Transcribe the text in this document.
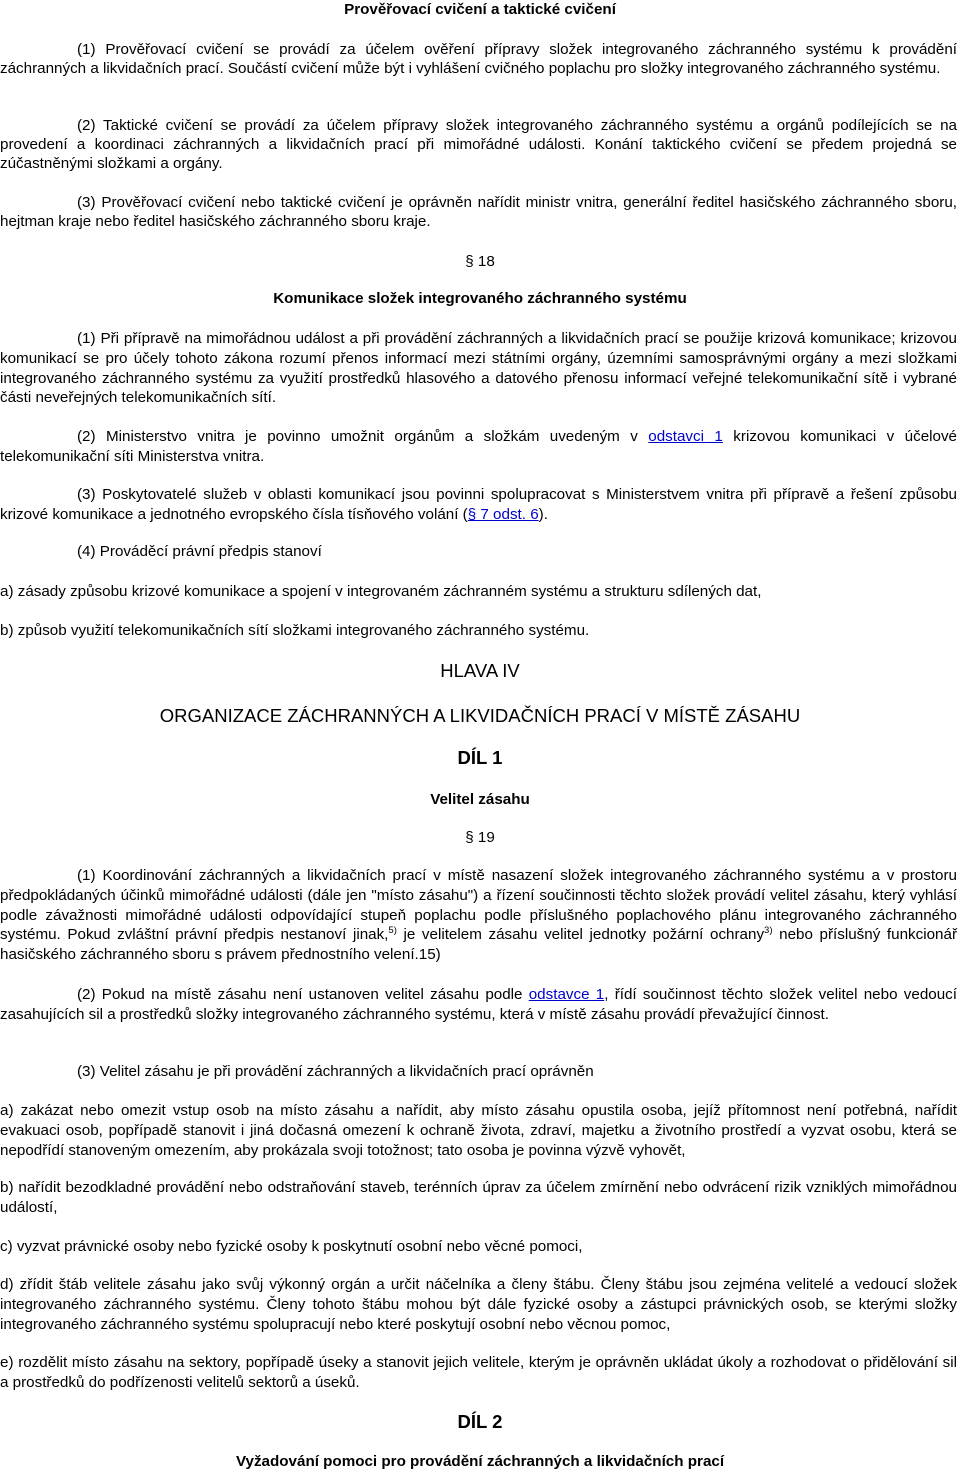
Prověřovací cvičení a taktické cvičení

(1) Prověřovací cvičení se provádí za účelem ověření přípravy složek integrovaného záchranného systému k provádění záchranných a likvidačních prací. Součástí cvičení může být i vyhlášení cvičného poplachu pro složky integrovaného záchranného systému.

(2) Taktické cvičení se provádí za účelem přípravy složek integrovaného záchranného systému a orgánů podílejících se na provedení a koordinaci záchranných a likvidačních prací při mimořádné události. Konání taktického cvičení se předem projedná se zúčastněnými složkami a orgány.

(3) Prověřovací cvičení nebo taktické cvičení je oprávněn nařídit ministr vnitra, generální ředitel hasičského záchranného sboru, hejtman kraje nebo ředitel hasičského záchranného sboru kraje.

§ 18
Komunikace složek integrovaného záchranného systému

(1) Při přípravě na mimořádnou událost a při provádění záchranných a likvidačních prací se použije krizová komunikace; krizovou komunikací se pro účely tohoto zákona rozumí přenos informací mezi státními orgány, územními samosprávnými orgány a mezi složkami integrovaného záchranného systému za využití prostředků hlasového a datového přenosu informací veřejné telekomunikační sítě i vybrané části neveřejných telekomunikačních sítí.

(2) Ministerstvo vnitra je povinno umožnit orgánům a složkám uvedeným v odstavci 1 krizovou komunikaci v účelové telekomunikační síti Ministerstva vnitra.

(3) Poskytovatelé služeb v oblasti komunikací jsou povinni spolupracovat s Ministerstvem vnitra při přípravě a řešení způsobu krizové komunikace a jednotného evropského čísla tísňového volání (§ 7 odst. 6).

(4) Prováděcí právní předpis stanoví

a) zásady způsobu krizové komunikace a spojení v integrovaném záchranném systému a strukturu sdílených dat,

b) způsob využití telekomunikačních sítí složkami integrovaného záchranného systému.

HLAVA IV
ORGANIZACE ZÁCHRANNÝCH A LIKVIDAČNÍCH PRACÍ V MÍSTĚ ZÁSAHU
DÍL 1
Velitel zásahu
§ 19

(1) Koordinování záchranných a likvidačních prací v místě nasazení složek integrovaného záchranného systému a v prostoru předpokládaných účinků mimořádné události (dále jen "místo zásahu") a řízení součinnosti těchto složek provádí velitel zásahu, který vyhlásí podle závažnosti mimořádné události odpovídající stupeň poplachu podle příslušného poplachového plánu integrovaného záchranného systému. Pokud zvláštní právní předpis nestanoví jinak,$^{5)}$ je velitelem zásahu velitel jednotky požární ochrany$^{3)}$ nebo příslušný funkcionář hasičského záchranného sboru s právem přednostního velení.15)

(2) Pokud na místě zásahu není ustanoven velitel zásahu podle odstavce 1, řídí součinnost těchto složek velitel nebo vedoucí zasahujících sil a prostředků složky integrovaného záchranného systému, která v místě zásahu provádí převažující činnost.

(3) Velitel zásahu je při provádění záchranných a likvidačních prací oprávněn

a) zakázat nebo omezit vstup osob na místo zásahu a nařídit, aby místo zásahu opustila osoba, jejíž přítomnost není potřebná, nařídit evakuaci osob, popřípadě stanovit i jiná dočasná omezení k ochraně života, zdraví, majetku a životního prostředí a vyzvat osobu, která se nepodřídí stanoveným omezením, aby prokázala svoji totožnost; tato osoba je povinna výzvě vyhovět,

b) nařídit bezodkladné provádění nebo odstraňování staveb, terénních úprav za účelem zmírnění nebo odvrácení rizik vzniklých mimořádnou událostí,

c) vyzvat právnické osoby nebo fyzické osoby k poskytnutí osobní nebo věcné pomoci,

d) zřídit štáb velitele zásahu jako svůj výkonný orgán a určit náčelníka a členy štábu. Členy štábu jsou zejména velitelé a vedoucí složek integrovaného záchranného systému. Členy tohoto štábu mohou být dále fyzické osoby a zástupci právnických osob, se kterými složky integrovaného záchranného systému spolupracují nebo které poskytují osobní nebo věcnou pomoc,

e) rozdělit místo zásahu na sektory, popřípadě úseky a stanovit jejich velitele, kterým je oprávněn ukládat úkoly a rozhodovat o přidělování sil a prostředků do podřízenosti velitelů sektorů a úseků.

DÍL 2
Vyžadování pomoci pro provádění záchranných a likvidačních prací
